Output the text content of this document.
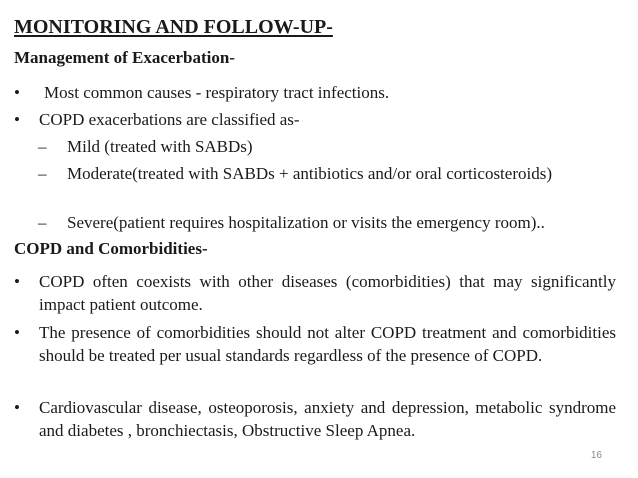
MONITORING AND FOLLOW-UP-
Management of Exacerbation-
• Most common causes - respiratory tract infections.
• COPD exacerbations are classified as-
– Mild (treated with SABDs)
– Moderate(treated with SABDs + antibiotics and/or oral corticosteroids)
– Severe(patient requires hospitalization or visits the emergency room)..
COPD and Comorbidities-
• COPD often coexists with other diseases (comorbidities) that may significantly impact patient outcome.
• The presence of comorbidities should not alter COPD treatment and comorbidities should be treated per usual standards regardless of the presence of COPD.
• Cardiovascular disease, osteoporosis, anxiety and depression, metabolic syndrome and diabetes , bronchiectasis, Obstructive Sleep Apnea.
16
